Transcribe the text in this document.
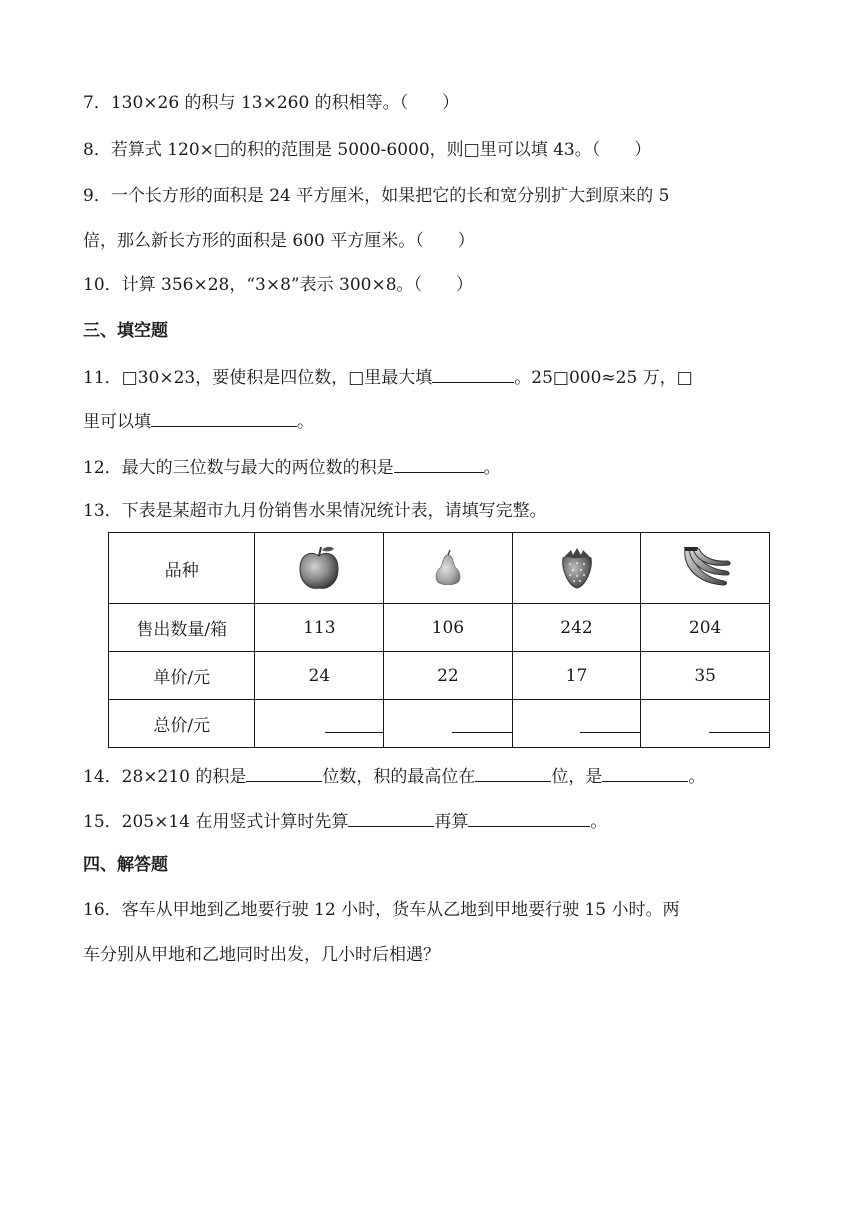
7．130×26 的积与 13×260 的积相等。（　　）
8．若算式 120×□的积的范围是 5000-6000，则□里可以填 43。（　　）
9．一个长方形的面积是 24 平方厘米，如果把它的长和宽分别扩大到原来的 5
倍，那么新长方形的面积是 600 平方厘米。（　　）
10．计算 356×28，“3×8”表示 300×8。（　　）
三、填空题
11．□30×23，要使积是四位数，□里最大填	。25□000≈25 万，□
里可以填	。
12．最大的三位数与最大的两位数的积是	。
13．下表是某超市九月份销售水果情况统计表，请填写完整。
品种	

售出数量/箱	113	106	242	204
单价/元	24	22	17	35
总价/元	

14．28×210 的积是	位数，积的最高位在	位，是	。
15．205×14 在用竖式计算时先算	再算	。
四、解答题
16．客车从甲地到乙地要行驶 12 小时，货车从乙地到甲地要行驶 15 小时。两
车分别从甲地和乙地同时出发，几小时后相遇？
